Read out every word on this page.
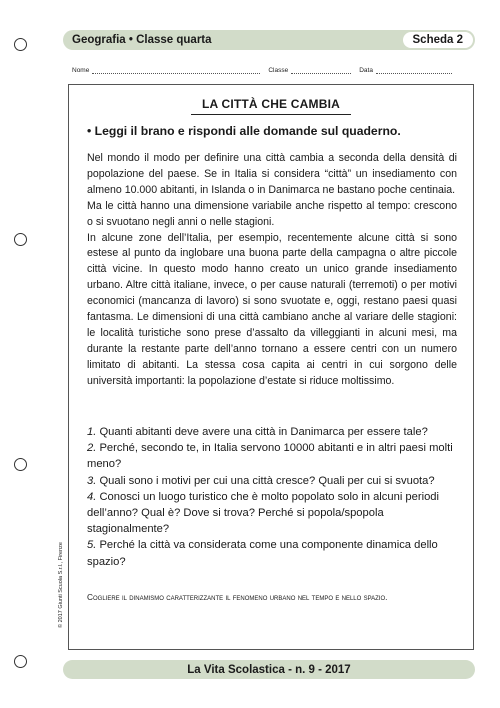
Geografia • Classe quarta	Scheda 2
Nome	Classe	Data
LA CITTÀ CHE CAMBIA
• Leggi il brano e rispondi alle domande sul quaderno.

Nel mondo il modo per definire una città cambia a seconda della densità di popolazione del paese. Se in Italia si considera “città” un insediamento con almeno 10.000 abitanti, in Islanda o in Danimarca ne bastano poche centinaia.

Ma le città hanno una dimensione variabile anche rispetto al tempo: crescono o si svuotano negli anni o nelle stagioni.

In alcune zone dell’Italia, per esempio, recentemente alcune città si sono estese al punto da inglobare una buona parte della campagna o altre piccole città vicine. In questo modo hanno creato un unico grande insediamento urbano. Altre città italiane, invece, o per cause naturali (terremoti) o per motivi economici (mancanza di lavoro) si sono svuotate e, oggi, restano paesi quasi fantasma. Le dimensioni di una città cambiano anche al variare delle stagioni: le località turistiche sono prese d’assalto da villeggianti in alcuni mesi, ma durante la restante parte dell’anno tornano a essere centri con un numero limitato di abitanti. La stessa cosa capita ai centri in cui sorgono delle università importanti: la popolazione d’estate si riduce moltissimo.

1. Quanti abitanti deve avere una città in Danimarca per essere tale?

2. Perché, secondo te, in Italia servono 10000 abitanti e in altri paesi molti meno?

3. Quali sono i motivi per cui una città cresce? Quali per cui si svuota?

4. Conosci un luogo turistico che è molto popolato solo in alcuni periodi dell’anno? Qual è? Dove si trova? Perché si popola/spopola stagionalmente?

5. Perché la città va considerata come una componente dinamica dello spazio?

Cogliere il dinamismo caratterizzante il fenomeno urbano nel tempo e nello spazio.
© 2017 Giunti Scuola S.r.l., Firenze
La Vita Scolastica - n. 9 - 2017
